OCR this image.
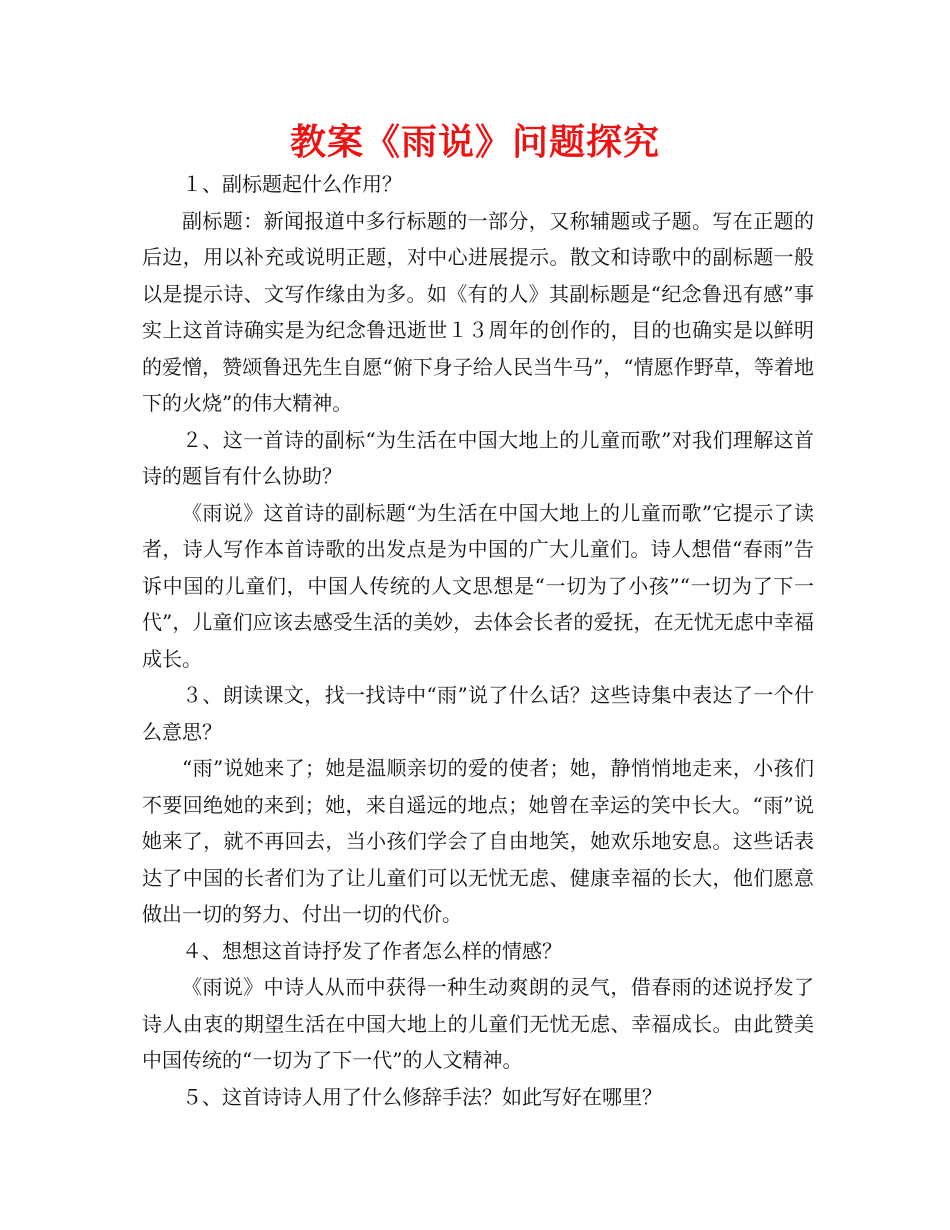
教案《雨说》问题探究

１、副标题起什么作用？

副标题：新闻报道中多行标题的一部分，又称辅题或子题。写在正题的后边，用以补充或说明正题，对中心进展提示。散文和诗歌中的副标题一般以是提示诗、文写作缘由为多。如《有的人》其副标题是“纪念鲁迅有感”事实上这首诗确实是为纪念鲁迅逝世１３周年的创作的，目的也确实是以鲜明的爱憎，赞颂鲁迅先生自愿“俯下身子给人民当牛马”，“情愿作野草，等着地下的火烧”的伟大精神。

２、这一首诗的副标“为生活在中国大地上的儿童而歌”对我们理解这首诗的题旨有什么协助？

《雨说》这首诗的副标题“为生活在中国大地上的儿童而歌”它提示了读者，诗人写作本首诗歌的出发点是为中国的广大儿童们。诗人想借“春雨”告诉中国的儿童们，中国人传统的人文思想是“一切为了小孩”“一切为了下一代”，儿童们应该去感受生活的美妙，去体会长者的爱抚，在无忧无虑中幸福成长。

３、朗读课文，找一找诗中“雨”说了什么话？这些诗集中表达了一个什么意思？

“雨”说她来了；她是温顺亲切的爱的使者；她，静悄悄地走来，小孩们不要回绝她的来到；她，来自遥远的地点；她曾在幸运的笑中长大。“雨”说她来了，就不再回去，当小孩们学会了自由地笑，她欢乐地安息。这些话表达了中国的长者们为了让儿童们可以无忧无虑、健康幸福的长大，他们愿意做出一切的努力、付出一切的代价。

４、想想这首诗抒发了作者怎么样的情感？

《雨说》中诗人从而中获得一种生动爽朗的灵气，借春雨的述说抒发了诗人由衷的期望生活在中国大地上的儿童们无忧无虑、幸福成长。由此赞美中国传统的“一切为了下一代”的人文精神。

５、这首诗诗人用了什么修辞手法？如此写好在哪里？
